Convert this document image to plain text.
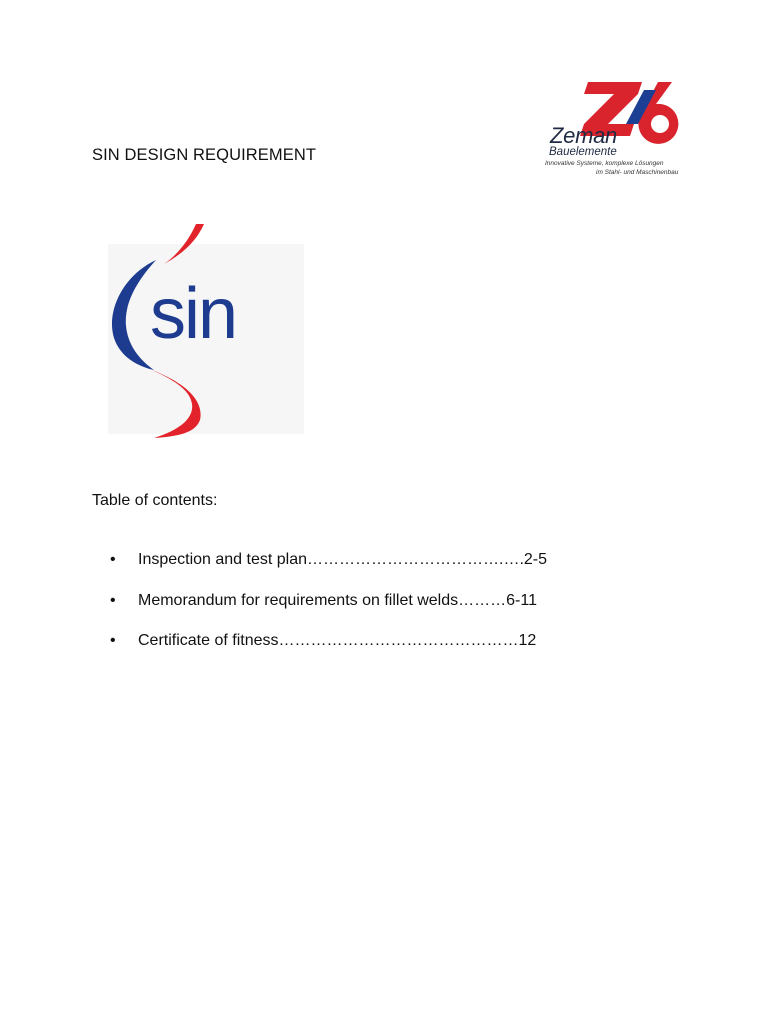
SIN DESIGN REQUIREMENT
Zeman
Bauelemente
Innovative Systeme, komplexe Lösungen
im Stahl- und Maschinenbau
sin
Table of contents:
• Inspection and test plan……………………………….….2-5
• Memorandum for requirements on fillet welds………6-11
• Certificate of fitness………………………………………12
